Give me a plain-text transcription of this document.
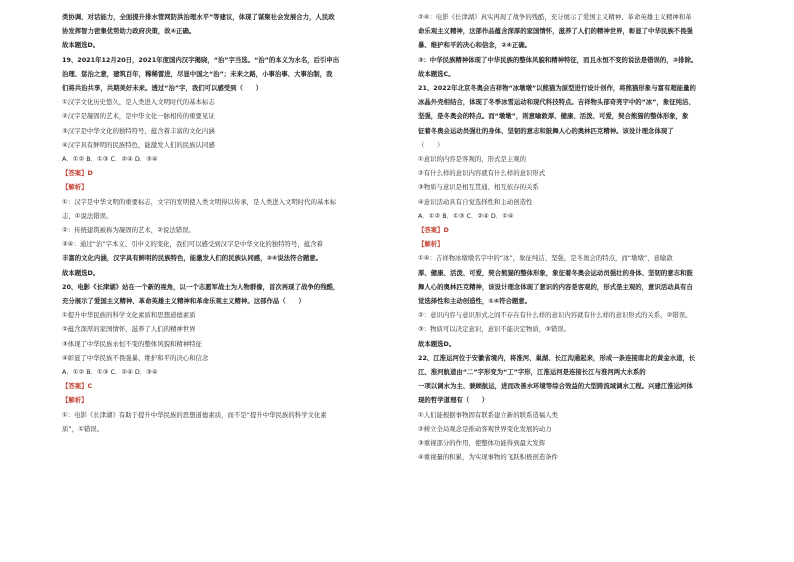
类协调、对话能力，全面提升排水管网防洪治理水平”等建议，体现了谋聚社会发展合力，人民政
协发挥智力密集优势助力政府决策，故④正确。
故本题选D。
19、2021年12月20日，2021年度国内汉字揭晓，“治”字当选。“治”的本义为水名，后引申出
治理、惩治之意，建筑百年，稀稀雷进，尽显中国之“治”；未来之路，小事治事、大事治制，我
们将共治共享，共期美好未来。透过“治”字，我们可以感受到（　　）
①汉字文化历史悠久，是人类进入文明时代的基本标志
②汉字是凝固的艺术，是中华文化一脉相传的重要见证
③汉字是中华文化的独特符号，蕴含着丰富的文化内涵
④汉字具有鲜明的民族特色，能激发人们的民族认同感
A．①② B．①③ C．②④ D．③④
【答案】D
【解析】
①：汉字是中华文明的重要标志，文字的发明使人类文明得以传承，是人类进入文明时代的基本标
志，①说法错误。
②：传统建筑被称为凝固的艺术，②说法错误。
③④：通过“治”字本义、引申义的变化，我们可以感受到汉字是中华文化的独特符号，蕴含着
丰富的文化内涵，汉字具有鲜明的民族特色，能激发人们的民族认同感，③④说法符合题意。
故本题选D。
20、电影《长津湖》站在一个新的视角，以一个志愿军战士为人物群像，首次再现了战争的残酷，
充分展示了爱国主义精神、革命英雄主义精神和革命乐观主义精神。这部作品（　　）
①提升中华民族的科学文化素质和思想道德素质
②蕴含深厚的家国情怀，滋养了人们的精神世界
③体现了中华民族永恒不变的整体风貌和精神特征
④彰显了中华民族不畏强暴、维护和平的决心和信念
A．①② B．①③ C．②④ D．③④
【答案】C
【解析】
①：电影《长津湖》有助于提升中华民族的思想道德素质，而不是“提升中华民族的科学文化素
质”，①错误。
②④：电影《长津湖》真实再现了战争的残酷，充分展示了爱国主义精神、革命英雄主义精神和革
命乐观主义精神，这部作品蕴含深厚的家国情怀，滋养了人们的精神世界，彰显了中华民族不畏强
暴、维护和平的决心和信念，②④正确。
③：中华民族精神体现了中华民族的整体风貌和精神特征，而且永恒不变的说法是错误的，③排除。
故本题选C。
21、2022年北京冬奥会吉祥物“冰墩墩”以熊猫为原型进行设计创作，将熊猫形象与富有超能量的
冰晶外壳相结合，体现了冬季冰雪运动和现代科技特点。吉祥物头部奇亮宇中的“冰”，象征纯洁、
坚强，是冬奥会的特点。而“墩墩”，则意喻敦厚、健康、活泼、可爱，契合熊猫的整体形象，象
征着冬奥会运动员强壮的身体、坚韧的意志和鼓舞人心的奥林匹克精神。该设计理念体现了
（　　）
①意识的内容是客观的，形式是主观的
②有什么样的意识内容就有什么样的意识形式
③物质与意识是相互贯通、相互依存的关系
④意识活动具有自觉选择性和主动创造性
A．①② B．①③ C．②④ D．①④
【答案】D
【解析】
①④：吉祥物冰墩墩名字中的“冰”，象征纯洁、坚强，是冬奥会的特点，而“墩墩”，意喻敦
厚、健康、活泼、可爱，契合熊猫的整体形象，象征着冬奥会运动员强壮的身体、坚韧的意志和鼓
舞人心的奥林匹克精神，该设计理念体现了意识的内容是客观的，形式是主观的，意识活动具有自
觉选择性和主动创造性，①④符合题意。
②：意识内容与意识形式之间不存在有什么样的意识内容就有什么样的意识形式的关系，②错误。
③：物质可以决定意识，意识不能决定物质，③错误。
故本题选D。
22、江淮运河位于安徽省境内，将淮河、巢湖、长江沟通起来，形成一条连接南北的黄金水道，长
江、淮河航道由“二”字形变为“工”字形，江淮运河是连接长江与淮河两大水系的
一项以调水为主、兼顾航运，进而改善水环境等综合效益的大型跨流域调水工程。兴建江淮运河体
现的哲学道理有（　　）
①人们能根据事物固有联系建立新的联系造福人类
②树立全局观念是推动客观世界变化发展的动力
③重视部分的作用，使整体功能得到最大发挥
④重视量的积累，为实现事物的飞跃积极创造条件
